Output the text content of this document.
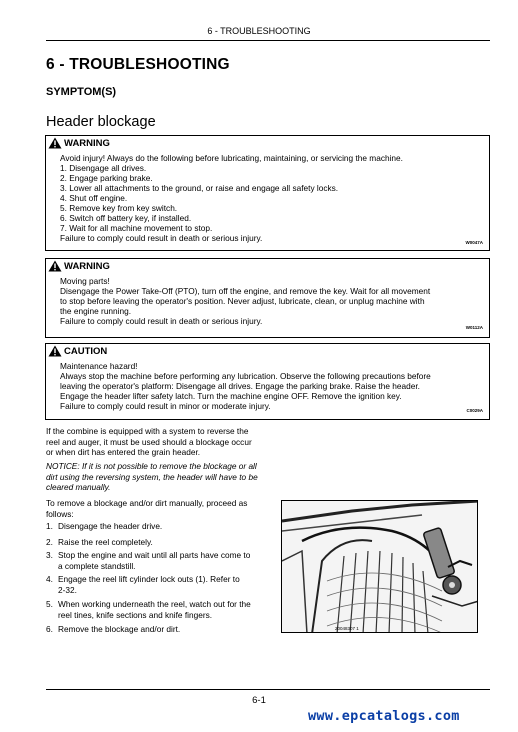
6 - TROUBLESHOOTING
6 - TROUBLESHOOTING
SYMPTOM(S)
Header blockage
WARNING
Avoid injury! Always do the following before lubricating, maintaining, or servicing the machine.
1. Disengage all drives.
2. Engage parking brake.
3. Lower all attachments to the ground, or raise and engage all safety locks.
4. Shut off engine.
5. Remove key from key switch.
6. Switch off battery key, if installed.
7. Wait for all machine movement to stop.
Failure to comply could result in death or serious injury.	W0047A
WARNING
Moving parts!
Disengage the Power Take-Off (PTO), turn off the engine, and remove the key. Wait for all movement
to stop before leaving the operator's position. Never adjust, lubricate, clean, or unplug machine with
the engine running.
Failure to comply could result in death or serious injury.
W0112A
CAUTION
Maintenance hazard!
Always stop the machine before performing any lubrication. Observe the following precautions before
leaving the operator's platform: Disengage all drives. Engage the parking brake. Raise the header.
Engage the header lifter safety latch. Turn the machine engine OFF. Remove the ignition key.
Failure to comply could result in minor or moderate injury.	C0029A
If the combine is equipped with a system to reverse the
reel and auger, it must be used should a blockage occur
or when dirt has entered the grain header.
NOTICE: If it is not possible to remove the blockage or all
dirt using the reversing system, the header will have to be
cleared manually.
To remove a blockage and/or dirt manually, proceed as
follows:
1. Disengage the header drive.
2. Raise the reel completely.
3. Stop the engine and wait until all parts have come to
a complete standstill.
4. Engage the reel lift cylinder lock outs (1). Refer to
2-32.
5. When working underneath the reel, watch out for the
reel tines, knife sections and knife fingers.
6. Remove the blockage and/or dirt.	20048307 1
6-1
www.epcatalogs.com
